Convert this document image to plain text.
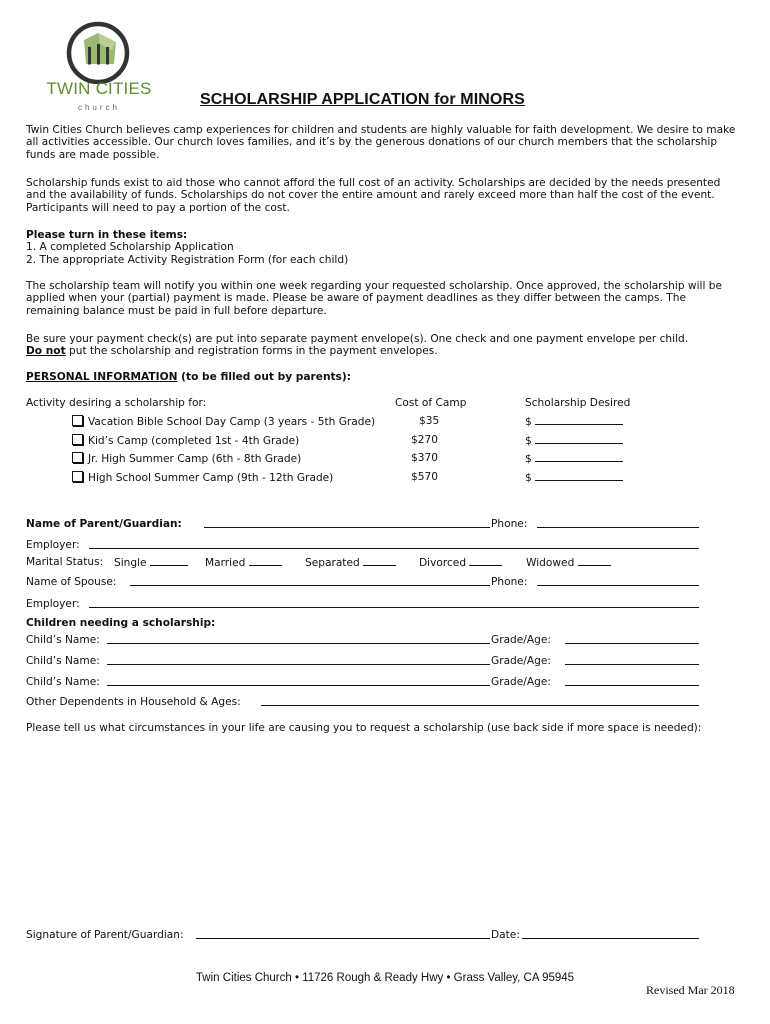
TWIN CITIES
church	SCHOLARSHIP APPLICATION for MINORS
Twin Cities Church believes camp experiences for children and students are highly valuable for faith development. We desire to make all activities accessible. Our church loves families, and it’s by the generous donations of our church members that the scholarship funds are made possible.
Scholarship funds exist to aid those who cannot afford the full cost of an activity. Scholarships are decided by the needs presented and the availability of funds. Scholarships do not cover the entire amount and rarely exceed more than half the cost of the event. Participants will need to pay a portion of the cost.
Please turn in these items:
1. A completed Scholarship Application
2. The appropriate Activity Registration Form (for each child)
The scholarship team will notify you within one week regarding your requested scholarship. Once approved, the scholarship will be applied when your (partial) payment is made. Please be aware of payment deadlines as they differ between the camps. The remaining balance must be paid in full before departure.
Be sure your payment check(s) are put into separate payment envelope(s). One check and one payment envelope per child.
Do not put the scholarship and registration forms in the payment envelopes.
PERSONAL INFORMATION (to be filled out by parents):
Activity desiring a scholarship for:	Cost of Camp	Scholarship Desired
Vacation Bible School Day Camp (3 years - 5th Grade)	$35	$
Kid’s Camp (completed 1st - 4th Grade)	$270	$
Jr. High Summer Camp (6th - 8th Grade)	$370	$
High School Summer Camp (9th - 12th Grade)	$570	$
Name of Parent/Guardian:	Phone:
Employer:
Marital Status: Single	Married	Separated	Divorced	Widowed
Name of Spouse:	Phone:
Employer:
Children needing a scholarship:
Child’s Name:	Grade/Age:
Child’s Name:	Grade/Age:
Child’s Name:	Grade/Age:
Other Dependents in Household & Ages:
Please tell us what circumstances in your life are causing you to request a scholarship (use back side if more space is needed):
Signature of Parent/Guardian:	Date:
Twin Cities Church • 11726 Rough & Ready Hwy • Grass Valley, CA 95945
Revised Mar 2018
